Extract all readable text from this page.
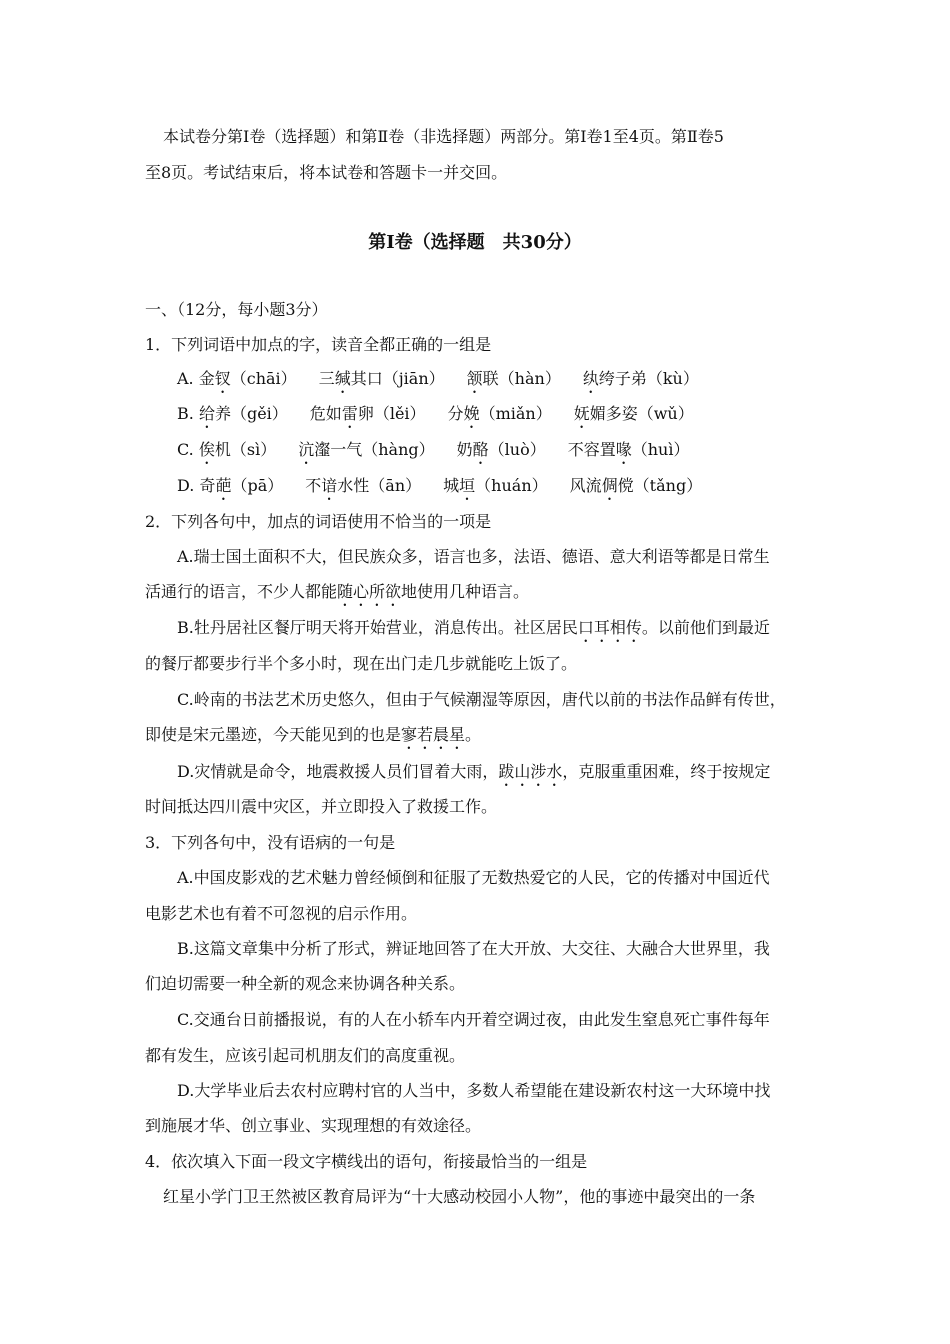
本试卷分第Ⅰ卷（选择题）和第Ⅱ卷（非选择题）两部分。第Ⅰ卷1至4页。第Ⅱ卷5
至8页。考试结束后，将本试卷和答题卡一并交回。
第Ⅰ卷（选择题　共30分）
一、（12分，每小题3分）
1．下列词语中加点的字，读音全都正确的一组是
A. 金钗（chāi） 三缄其口（jiān） 颔联（hàn） 纨绔子弟（kù）
B. 给养（gěi） 危如雷卵（lěi） 分娩（miǎn） 妩媚多姿（wǔ）
C. 俟机（sì） 沆瀣一气（hàng） 奶酪（luò） 不容置喙（huì）
D. 奇葩（pā） 不谙水性（ān） 城垣（huán） 风流倜傥（tǎng）
2．下列各句中，加点的词语使用不恰当的一项是
A.瑞士国土面积不大，但民族众多，语言也多，法语、德语、意大利语等都是日常生
活通行的语言，不少人都能随心所欲地使用几种语言。
B.牡丹居社区餐厅明天将开始营业，消息传出。社区居民口耳相传。以前他们到最近
的餐厅都要步行半个多小时，现在出门走几步就能吃上饭了。
C.岭南的书法艺术历史悠久，但由于气候潮湿等原因，唐代以前的书法作品鲜有传世，
即使是宋元墨迹，今天能见到的也是寥若晨星。
D.灾情就是命令，地震救援人员们冒着大雨，跋山涉水，克服重重困难，终于按规定
时间抵达四川震中灾区，并立即投入了救援工作。
3．下列各句中，没有语病的一句是
A.中国皮影戏的艺术魅力曾经倾倒和征服了无数热爱它的人民，它的传播对中国近代
电影艺术也有着不可忽视的启示作用。
B.这篇文章集中分析了形式，辨证地回答了在大开放、大交往、大融合大世界里，我
们迫切需要一种全新的观念来协调各种关系。
C.交通台日前播报说，有的人在小轿车内开着空调过夜，由此发生窒息死亡事件每年
都有发生，应该引起司机朋友们的高度重视。
D.大学毕业后去农村应聘村官的人当中，多数人希望能在建设新农村这一大环境中找
到施展才华、创立事业、实现理想的有效途径。
4．依次填入下面一段文字横线出的语句，衔接最恰当的一组是
红星小学门卫王然被区教育局评为“十大感动校园小人物”，他的事迹中最突出的一条
